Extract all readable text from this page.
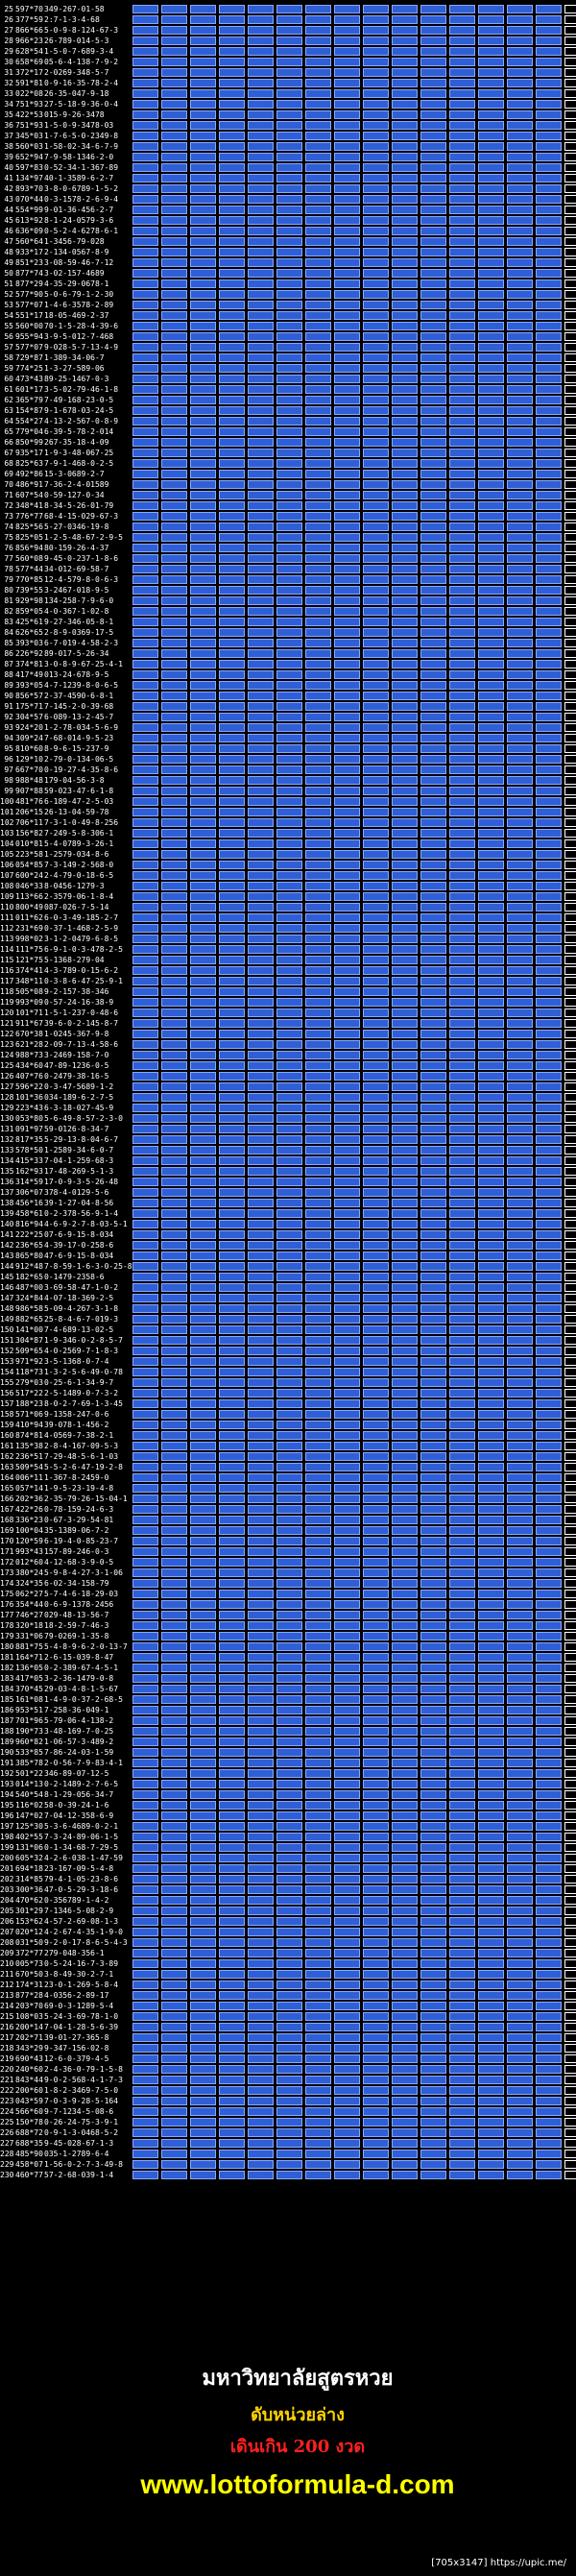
25 597*70 349-267-01-58
26 377*59 2:7-1-3-4-68
27 866*66 5-0-9-8-124-67-3
28 966*23 26-789-014-5-3
29 628*54 1-5-0-7-689-3-4
30 658*69 05-6-4-138-7-9-2
31 372*17 2-0269-348-5-7
32 591*81 0-9-16-35-78-2-4
33 022*08 26-35-047-9-18
34 751*93 27-5-18-9-36-0-4
35 422*53 015-9-26-3478
36 751*93 1-5-0-9-3478-03
37 345*03 1-7-6-5-0-2349-8
38 560*03 1-58-02-34-6-7-9
39 652*94 7-9-58-1346-2-0
40 597*83 0-52-34-1-367-89
41 134*97 40-1-3589-6-2-7
42 893*70 3-8-0-6789-1-5-2
43 070*44 0-3-1578-2-6-9-4
44 554*99 9-01-36-456-2-7
45 613*92 8-1-24-0579-3-6
46 636*09 0-5-2-4-6278-6-1
47 560*64 1-3456-79-028
48 933*17 2-134-0567-8-9
49 851*23 3-08-59-46-7-12
50 877*74 3-02-157-4689
51 877*29 4-35-29-0678-1
52 577*90 5-0-6-79-1-2-30
53 577*07 1-4-6-3578-2-89
54 551*17 18-05-469-2-37
55 560*00 70-1-5-28-4-39-6
56 955*94 3-9-5-012-7-468
57 577*07 9-028-5-7-13-4-9
58 729*87 1-389-34-06-7
59 774*25 1-3-27-589-06
60 473*43 89-25-1467-0-3
61 601*17 3-5-02-79-46-1-8
62 365*79 7-49-168-23-0-5
63 154*87 9-1-678-03-24-5
64 554*27 4-13-2-567-0-8-9
65 779*04 6-39-5-78-2-014
66 850*99 267-35-18-4-09
67 935*17 1-9-3-48-067-25
68 825*63 7-9-1-468-0-2-5
69 492*86 15-3-0689-2-7
70 486*91 7-36-2-4-01589
71 607*54 0-59-127-0-34
72 348*41 8-34-5-26-01-79
73 776*77 68-4-15-029-67-3
74 825*56 5-27-0346-19-8
75 825*05 1-2-5-48-67-2-9-5
76 856*94 80-159-26-4-37
77 560*08 9-45-0-237-1-8-6
78 577*44 34-012-69-58-7
79 770*85 12-4-579-8-0-6-3
80 739*55 3-2467-018-9-5
81 929*98 134-258-7-9-6-0
82 859*05 4-0-367-1-02-8
83 425*61 9-27-346-05-8-1
84 626*65 2-8-9-0369-17-5
85 393*03 6-7-019-4-58-2-3
86 226*92 89-017-5-26-34
87 374*81 3-0-8-9-67-25-4-1
88 417*49 013-24-678-9-5
89 393*05 4-7-1239-8-0-6-5
90 856*57 2-37-4590-6-8-1
91 175*71 7-145-2-0-39-68
92 304*57 6-089-13-2-45-7
93 924*20 1-2-78-034-5-6-9
94 309*24 7-68-014-9-5-23
95 810*60 8-9-6-15-237-9
96 129*10 2-79-0-134-06-5
97 667*70 0-19-27-4-35-8-6
98 988*48 179-04-56-3-8
99 907*88 59-023-47-6-1-8
100 481*76 6-189-47-2-5-03
101 206*15 26-13-04-59-78
102 706*11 7-3-1-0-49-8-256
103 156*82 7-249-5-8-306-1
104 010*81 5-4-0789-3-26-1
105 223*58 1-2579-034-8-6
106 054*85 7-3-149-2-568-0
107 600*24 2-4-79-0-18-6-5
108 046*33 8-0456-1279-3
109 113*66 2-3579-06-1-8-4
110 800*49 087-026-7-5-14
111 011*62 6-0-3-49-185-2-7
112 231*69 0-37-1-468-2-5-9
113 998*02 3-1-2-0479-6-8-5
114 111*75 6-9-1-0-3-478-2-5
115 121*75 5-1368-279-04
116 374*41 4-3-789-0-15-6-2
117 348*11 0-3-8-6-47-25-9-1
118 505*08 9-2-157-38-346
119 993*09 0-57-24-16-38-9
120 101*71 1-5-1-237-0-48-6
121 911*67 39-6-0-2-145-8-7
122 670*38 1-0245-367-9-8
123 621*28 2-09-7-13-4-58-6
124 988*73 3-2469-158-7-0
125 434*60 47-89-1236-0-5
126 407*76 0-2479-38-16-5
127 596*22 0-3-47-5689-1-2
128 101*36 034-189-6-2-7-5
129 223*43 6-3-18-027-45-9
130 053*80 5-6-49-8-57-2-3-0
131 091*97 59-0126-8-34-7
132 817*35 5-29-13-8-04-6-7
133 578*50 1-2589-34-6-0-7
134 415*33 7-04-1-259-68-3
135 162*93 17-48-269-5-1-3
136 314*59 17-0-9-3-5-26-48
137 306*07 378-4-0129-5-6
138 456*16 39-1-27-04-8-56
139 458*61 0-2-378-56-9-1-4
140 816*94 4-6-9-2-7-8-03-5-1
141 222*25 07-6-9-15-8-034
142 236*65 4-39-17-0-258-6
143 865*80 47-6-9-15-8-034
144 912*48 7-8-59-1-6-3-0-25-8
145 182*65 0-1479-2358-6
146 487*00 3-69-58-47-1-0-2
147 324*84 4-07-18-369-2-5
148 986*58 5-09-4-267-3-1-8
149 882*65 25-8-4-6-7-019-3
150 141*00 7-4-689-13-02-5
151 304*87 1-9-346-0-2-8-5-7
152 509*65 4-0-2569-7-1-8-3
153 971*92 3-5-1368-0-7-4
154 118*73 1-3-2-5-6-49-0-78
155 279*03 0-25-6-1-34-9-7
156 517*22 2-5-1489-0-7-3-2
157 188*23 8-0-2-7-69-1-3-45
158 571*06 9-1358-247-0-6
159 410*94 39-078-1-456-2
160 874*81 4-0569-7-38-2-1
161 135*38 2-8-4-167-09-5-3
162 236*51 7-29-48-5-6-1-03
163 509*54 5-5-2-6-47-19-2-8
164 006*11 1-367-8-2459-0
165 057*14 1-9-5-23-19-4-8
166 202*36 2-35-79-26-15-04-1
167 422*26 0-78-159-24-6-3
168 336*23 0-67-3-29-54-81
169 100*04 35-1389-06-7-2
170 120*59 6-19-4-0-85-23-7
171 993*43 157-89-246-0-3
172 012*60 4-12-68-3-9-0-5
173 380*24 5-9-8-4-27-3-1-06
174 324*35 6-02-34-158-79
175 062*27 5-7-4-6-18-29-03
176 354*44 0-6-9-1378-2456
177 746*27 029-48-13-56-7
178 320*18 18-2-59-7-46-3
179 331*06 79-0269-1-35-8
180 881*75 5-4-8-9-6-2-0-13-7
181 164*71 2-6-15-039-8-47
182 136*05 0-2-389-67-4-5-1
183 417*05 3-2-36-1479-0-8
184 370*45 29-03-4-8-1-5-67
185 161*08 1-4-9-0-37-2-68-5
186 953*51 7-258-36-049-1
187 701*96 5-79-06-4-138-2
188 190*73 3-48-169-7-0-25
189 960*82 1-06-57-3-489-2
190 533*85 7-86-24-03-1-59
191 385*78 2-0-56-7-9-83-4-1
192 501*22 346-89-07-12-5
193 014*13 0-2-1489-2-7-6-5
194 540*54 8-1-29-056-34-7
195 116*02 58-0-39-24-1-6
196 147*02 7-04-12-358-6-9
197 125*30 5-3-6-4689-0-2-1
198 402*55 7-3-24-89-06-1-5
199 131*06 0-1-34-68-7-29-5
200 605*32 4-2-6-038-1-47-59
201 694*18 23-167-09-5-4-8
202 314*85 79-4-1-05-23-8-6
203 300*36 47-0-5-29-3-18-6
204 470*62 0-356789-1-4-2
205 301*29 7-1346-5-08-2-9
206 153*62 4-57-2-69-08-1-3
207 020*12 4-2-67-4-35-1-9-0
208 031*50 9-2-0-17-8-6-5-4-3
209 372*77 279-048-356-1
210 005*73 0-5-24-16-7-3-89
211 670*50 3-8-49-30-2-7-1
212 174*31 23-0-1-269-5-8-4
213 877*28 4-0356-2-89-17
214 203*70 69-0-3-1289-5-4
215 108*03 5-24-3-69-78-1-0
216 200*14 7-04-1-28-5-6-39
217 202*71 39-01-27-365-8
218 343*29 9-347-156-02-8
219 690*43 12-6-0-379-4-5
220 240*60 2-4-36-0-79-1-5-8
221 843*44 9-0-2-568-4-1-7-3
222 200*60 1-8-2-3469-7-5-0
223 043*59 7-0-3-9-28-5-164
224 566*60 9-7-1234-5-08-6
225 150*78 0-26-24-75-3-9-1
226 688*72 0-9-1-3-0468-5-2
227 688*35 9-45-028-67-1-3
228 485*90 035-1-2789-6-4
229 458*07 1-56-0-2-7-3-49-8
230 460*77 57-2-68-039-1-4
มหาวิทยาลัยสูตรหวย
ดับหน่วยล่าง
เดินเกิน 200 งวด
www.lottoformula-d.com
[705x3147] https://upic.me/
